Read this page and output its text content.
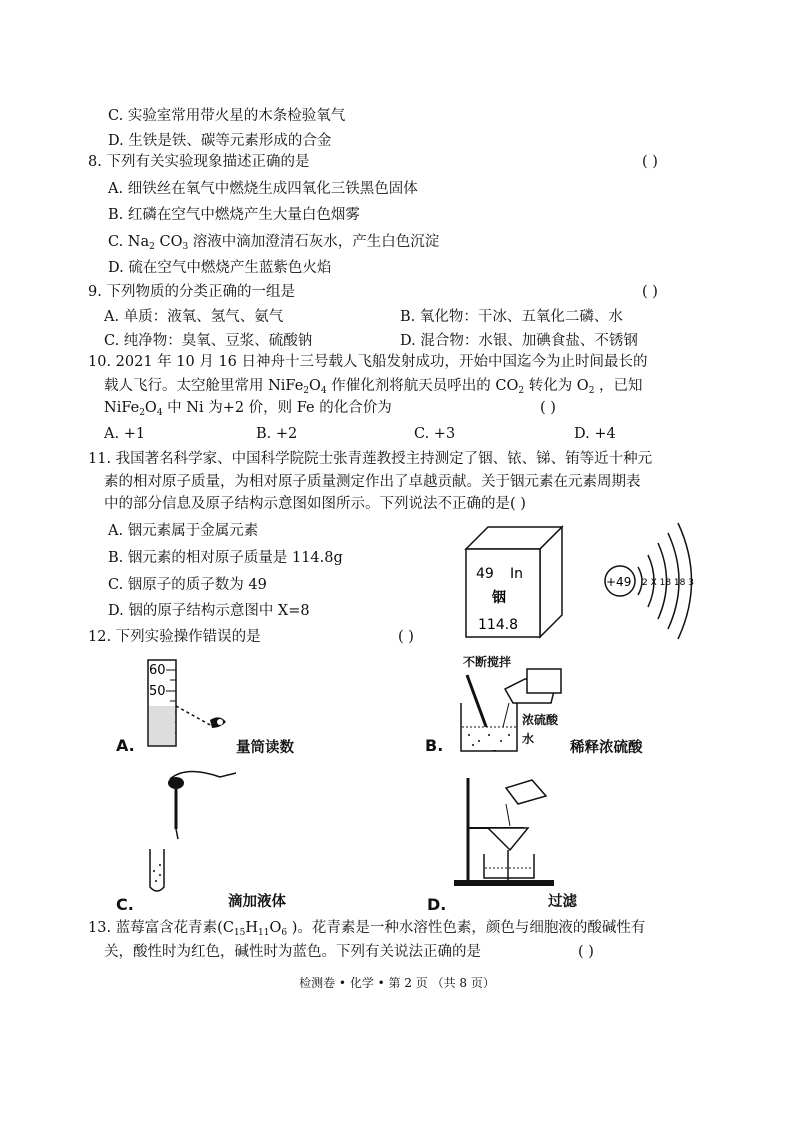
C. 实验室常用带火星的木条检验氧气
D. 生铁是铁、碳等元素形成的合金
8. 下列有关实验现象描述正确的是	( )
A. 细铁丝在氧气中燃烧生成四氧化三铁黑色固体
B. 红磷在空气中燃烧产生大量白色烟雾
C. $Na_2$ $CO_3$ 溶液中滴加澄清石灰水，产生白色沉淀
D. 硫在空气中燃烧产生蓝紫色火焰
9. 下列物质的分类正确的一组是	( )
A. 单质：液氧、氢气、氨气	B. 氧化物：干冰、五氧化二磷、水
C. 纯净物：臭氧、豆浆、硫酸钠	D. 混合物：水银、加碘食盐、不锈钢
10. 2021 年 10 月 16 日神舟十三号载人飞船发射成功，开始中国迄今为止时间最长的
载人飞行。太空舱里常用 $NiFe_2O_4$ 作催化剂将航天员呼出的 $CO_2$ 转化为 $O_2$ ，已知
$NiFe_2O_4$ 中 Ni 为+2 价，则 Fe 的化合价为	( )
A. +1	B. +2	C. +3	D. +4
11. 我国著名科学家、中国科学院院士张青莲教授主持测定了铟、铱、锑、铕等近十种元
素的相对原子质量，为相对原子质量测定作出了卓越贡献。关于铟元素在元素周期表
中的部分信息及原子结构示意图如图所示。下列说法不正确的是( )
A. 铟元素属于金属元素
B. 铟元素的相对原子质量是 114.8g
C. 铟原子的质子数为 49
D. 铟的原子结构示意图中 X=8
49 In
铟
114.8
+49 2 X 18 18 3
12. 下列实验操作错误的是	( )
60
50
A.	量筒读数
不断搅拌
浓硫酸
水
B.	稀释浓硫酸
C.	滴加液体	D.	过滤
13. 蓝莓富含花青素($C_{15}H_{11}O_6$ )。花青素是一种水溶性色素，颜色与细胞液的酸碱性有
关，酸性时为红色，碱性时为蓝色。下列有关说法正确的是	( )
检测卷 • 化学 • 第 2 页 （共 8 页）
